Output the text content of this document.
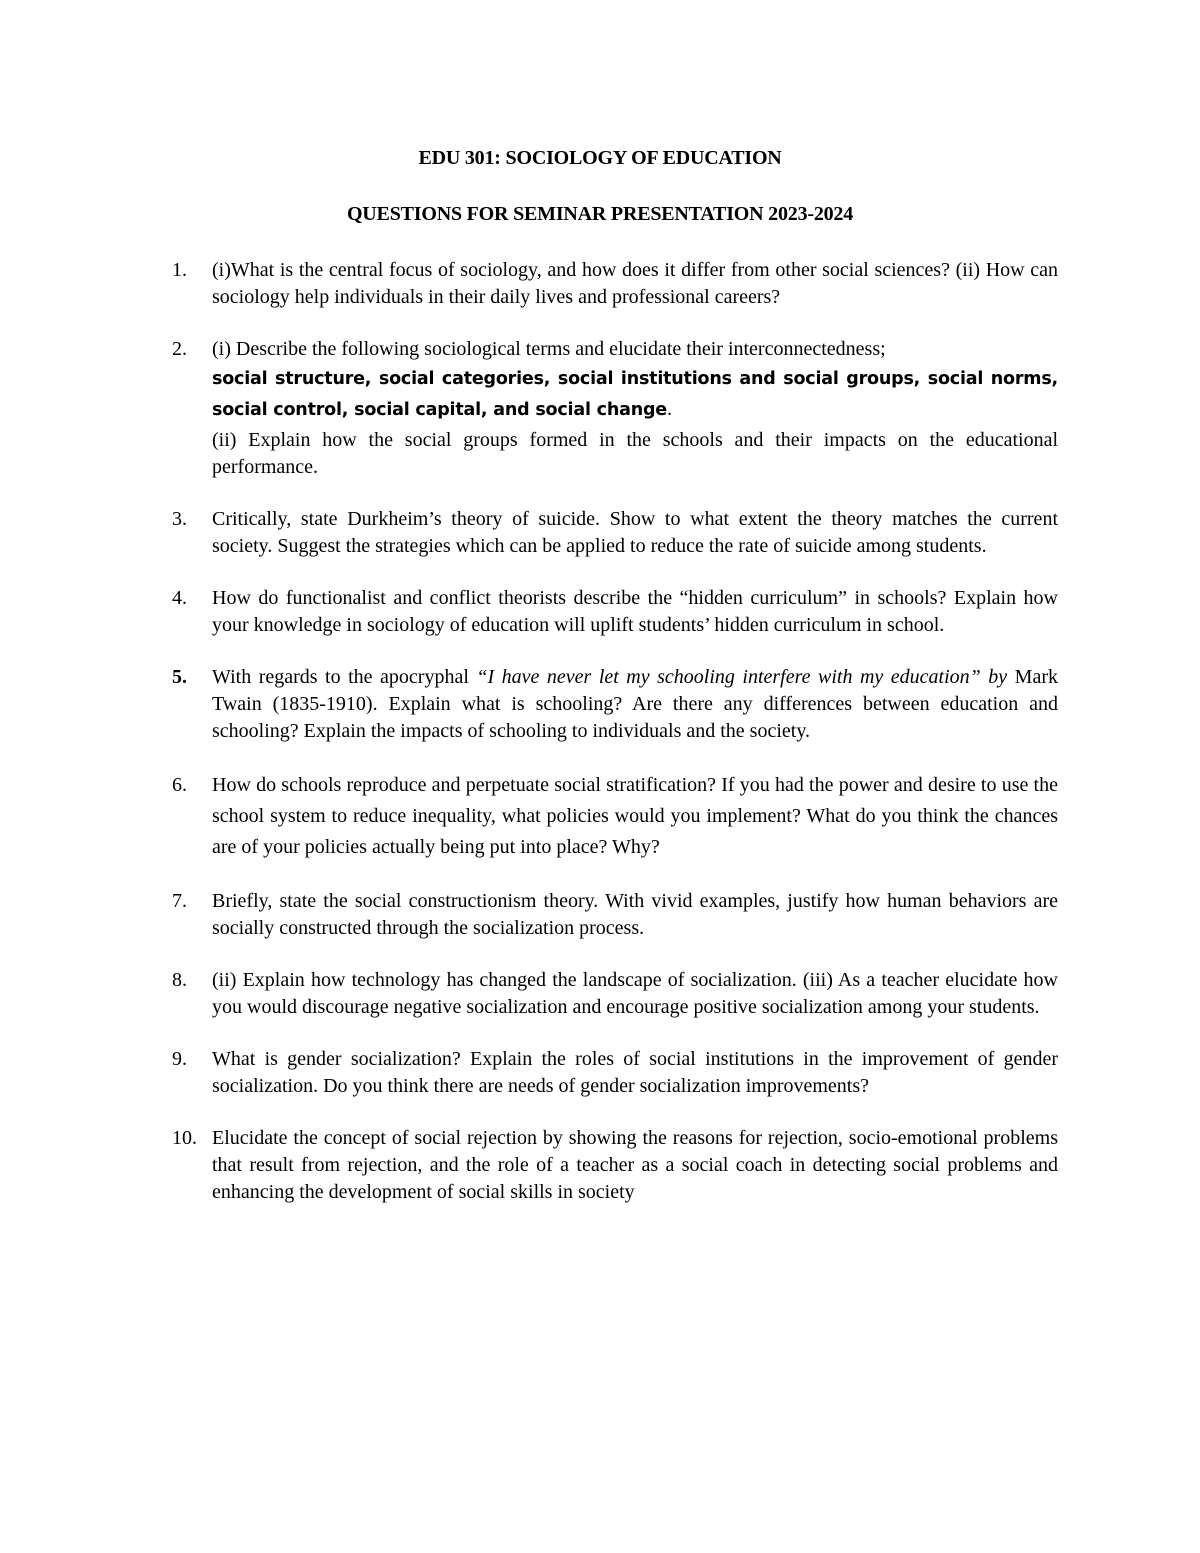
EDU 301: SOCIOLOGY OF EDUCATION
QUESTIONS FOR SEMINAR PRESENTATION 2023-2024
1.	(i)What is the central focus of sociology, and how does it differ from other social sciences? (ii) How can sociology help individuals in their daily lives and professional careers?

2.	(i) Describe the following sociological terms and elucidate their interconnectedness;
social structure, social categories, social institutions and social groups, social norms, social control, social capital, and social change.

(ii) Explain how the social groups formed in the schools and their impacts on the educational performance.

3.	Critically, state Durkheim’s theory of suicide. Show to what extent the theory matches the current society. Suggest the strategies which can be applied to reduce the rate of suicide among students.

4.	How do functionalist and conflict theorists describe the “hidden curriculum” in schools? Explain how your knowledge in sociology of education will uplift students’ hidden curriculum in school.

5.	With regards to the apocryphal “I have never let my schooling interfere with my education” by Mark Twain (1835-1910). Explain what is schooling? Are there any differences between education and schooling? Explain the impacts of schooling to individuals and the society.

6.	How do schools reproduce and perpetuate social stratification? If you had the power and desire to use the school system to reduce inequality, what policies would you implement? What do you think the chances are of your policies actually being put into place? Why?

7.	Briefly, state the social constructionism theory. With vivid examples, justify how human behaviors are socially constructed through the socialization process.

8.	(ii) Explain how technology has changed the landscape of socialization. (iii) As a teacher elucidate how you would discourage negative socialization and encourage positive socialization among your students.

9.	What is gender socialization? Explain the roles of social institutions in the improvement of gender socialization. Do you think there are needs of gender socialization improvements?

10. Elucidate the concept of social rejection by showing the reasons for rejection, socio-emotional problems that result from rejection, and the role of a teacher as a social coach in detecting social problems and enhancing the development of social skills in society
